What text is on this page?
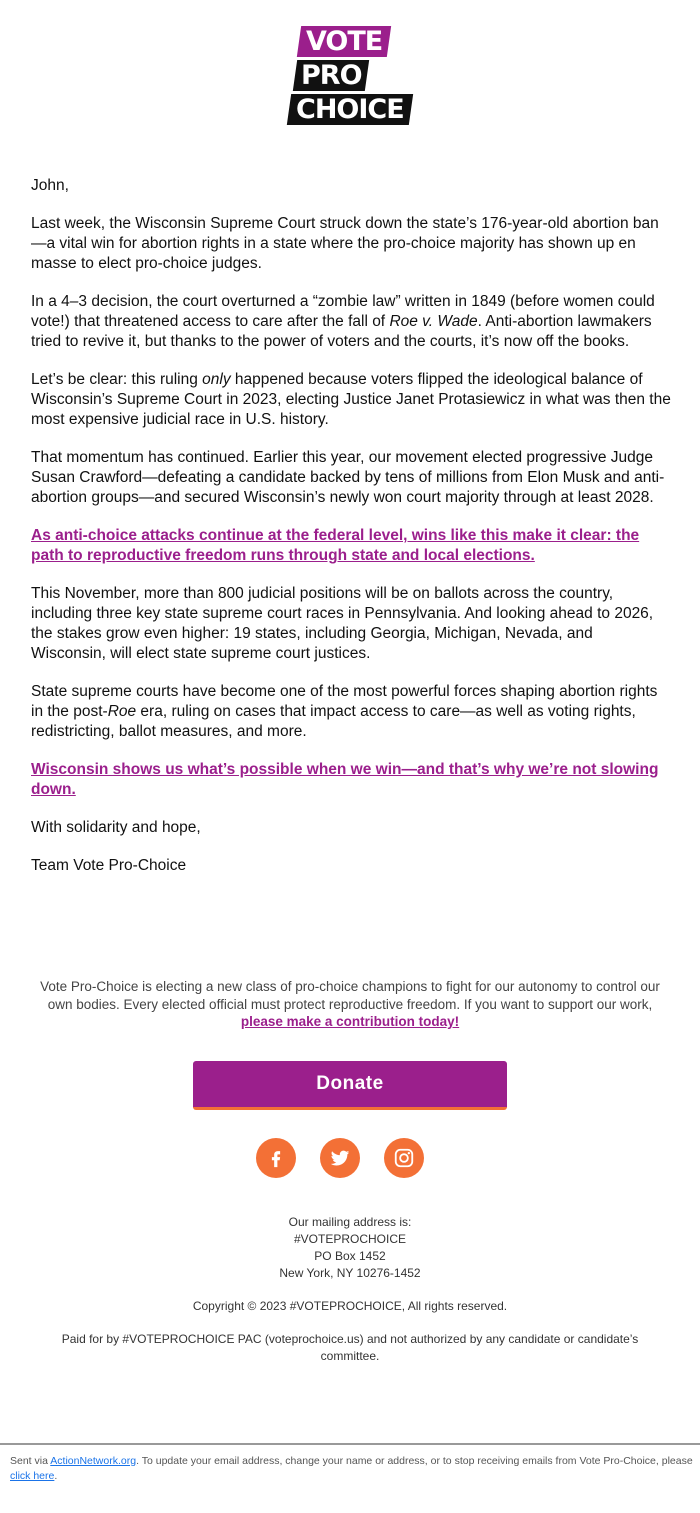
VOTE
PRO
CHOICE

John,

Last week, the Wisconsin Supreme Court struck down the state’s 176-year-old abortion ban—a vital win for abortion rights in a state where the pro-choice majority has shown up en masse to elect pro-choice judges.

In a 4–3 decision, the court overturned a “zombie law” written in 1849 (before women could vote!) that threatened access to care after the fall of Roe v. Wade. Anti-abortion lawmakers tried to revive it, but thanks to the power of voters and the courts, it’s now off the books.

Let’s be clear: this ruling only happened because voters flipped the ideological balance of Wisconsin’s Supreme Court in 2023, electing Justice Janet Protasiewicz in what was then the most expensive judicial race in U.S. history.

That momentum has continued. Earlier this year, our movement elected progressive Judge Susan Crawford—defeating a candidate backed by tens of millions from Elon Musk and anti-abortion groups—and secured Wisconsin’s newly won court majority through at least 2028.

As anti-choice attacks continue at the federal level, wins like this make it clear: the path to reproductive freedom runs through state and local elections.

This November, more than 800 judicial positions will be on ballots across the country, including three key state supreme court races in Pennsylvania. And looking ahead to 2026, the stakes grow even higher: 19 states, including Georgia, Michigan, Nevada, and Wisconsin, will elect state supreme court justices.

State supreme courts have become one of the most powerful forces shaping abortion rights in the post-Roe era, ruling on cases that impact access to care—as well as voting rights, redistricting, ballot measures, and more.

Wisconsin shows us what’s possible when we win—and that’s why we’re not slowing down.

With solidarity and hope,

Team Vote Pro-Choice

Vote Pro-Choice is electing a new class of pro-choice champions to fight for our autonomy to control our own bodies. Every elected official must protect reproductive freedom. If you want to support our work, please make a contribution today!
Donate
Our mailing address is:
#VOTEPROCHOICE
PO Box 1452
New York, NY 10276-1452
Copyright © 2023 #VOTEPROCHOICE, All rights reserved.
Paid for by #VOTEPROCHOICE PAC (voteprochoice.us) and not authorized by any candidate or candidate’s committee.
Sent via ActionNetwork.org. To update your email address, change your name or address, or to stop receiving emails from Vote Pro-Choice, please click here.
